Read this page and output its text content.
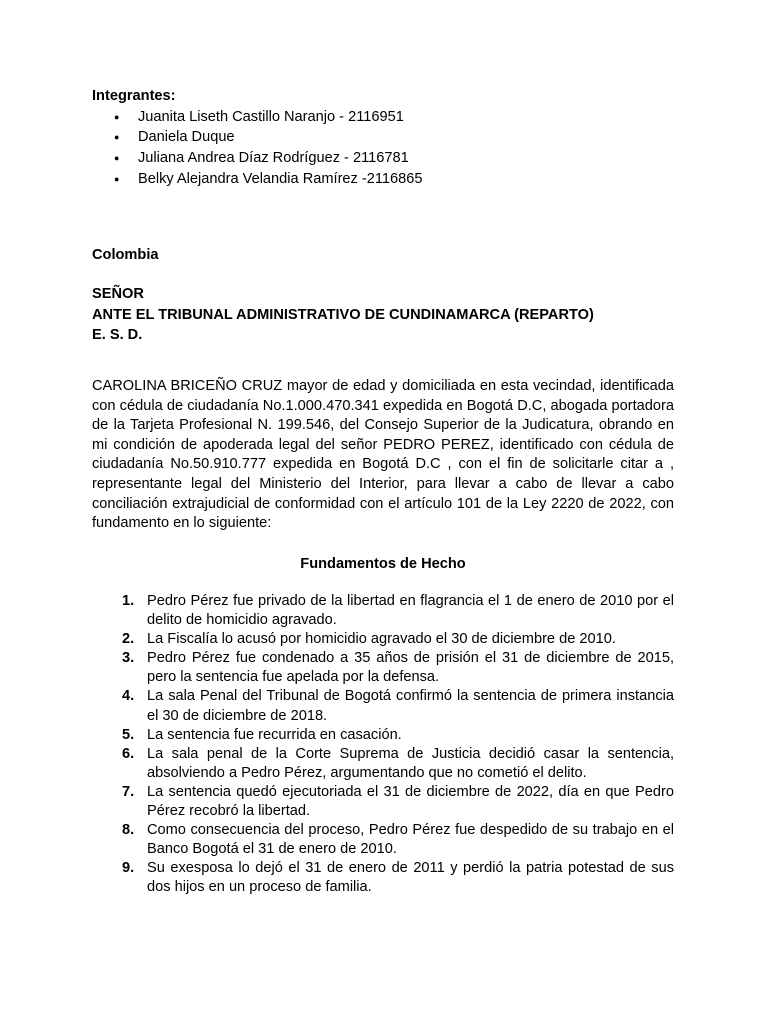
Integrantes:

● Juanita Liseth Castillo Naranjo - 2116951
● Daniela Duque
● Juliana Andrea Díaz Rodríguez - 2116781
● Belky Alejandra Velandia Ramírez -2116865

Colombia

SEÑOR

ANTE EL TRIBUNAL ADMINISTRATIVO DE CUNDINAMARCA (REPARTO)

E. S. D.

CAROLINA BRICEÑO CRUZ mayor de edad y domiciliada en esta vecindad, identificada con cédula de ciudadanía No.1.000.470.341 expedida en Bogotá D.C, abogada portadora de la Tarjeta Profesional N. 199.546, del Consejo Superior de la Judicatura, obrando en mi condición de apoderada legal del señor PEDRO PEREZ, identificado con cédula de ciudadanía No.50.910.777 expedida en Bogotá D.C , con el fin de solicitarle citar a , representante legal del Ministerio del Interior, para llevar a cabo de llevar a cabo conciliación extrajudicial de conformidad con el artículo 101 de la Ley 2220 de 2022, con fundamento en lo siguiente:

Fundamentos de Hecho

1. Pedro Pérez fue privado de la libertad en flagrancia el 1 de enero de 2010 por el delito de homicidio agravado.
2. La Fiscalía lo acusó por homicidio agravado el 30 de diciembre de 2010.
3. Pedro Pérez fue condenado a 35 años de prisión el 31 de diciembre de 2015, pero la sentencia fue apelada por la defensa.
4. La sala Penal del Tribunal de Bogotá confirmó la sentencia de primera instancia el 30 de diciembre de 2018.
5. La sentencia fue recurrida en casación.
6. La sala penal de la Corte Suprema de Justicia decidió casar la sentencia, absolviendo a Pedro Pérez, argumentando que no cometió el delito.
7. La sentencia quedó ejecutoriada el 31 de diciembre de 2022, día en que Pedro Pérez recobró la libertad.
8. Como consecuencia del proceso, Pedro Pérez fue despedido de su trabajo en el Banco Bogotá el 31 de enero de 2010.
9. Su exesposa lo dejó el 31 de enero de 2011 y perdió la patria potestad de sus dos hijos en un proceso de familia.
